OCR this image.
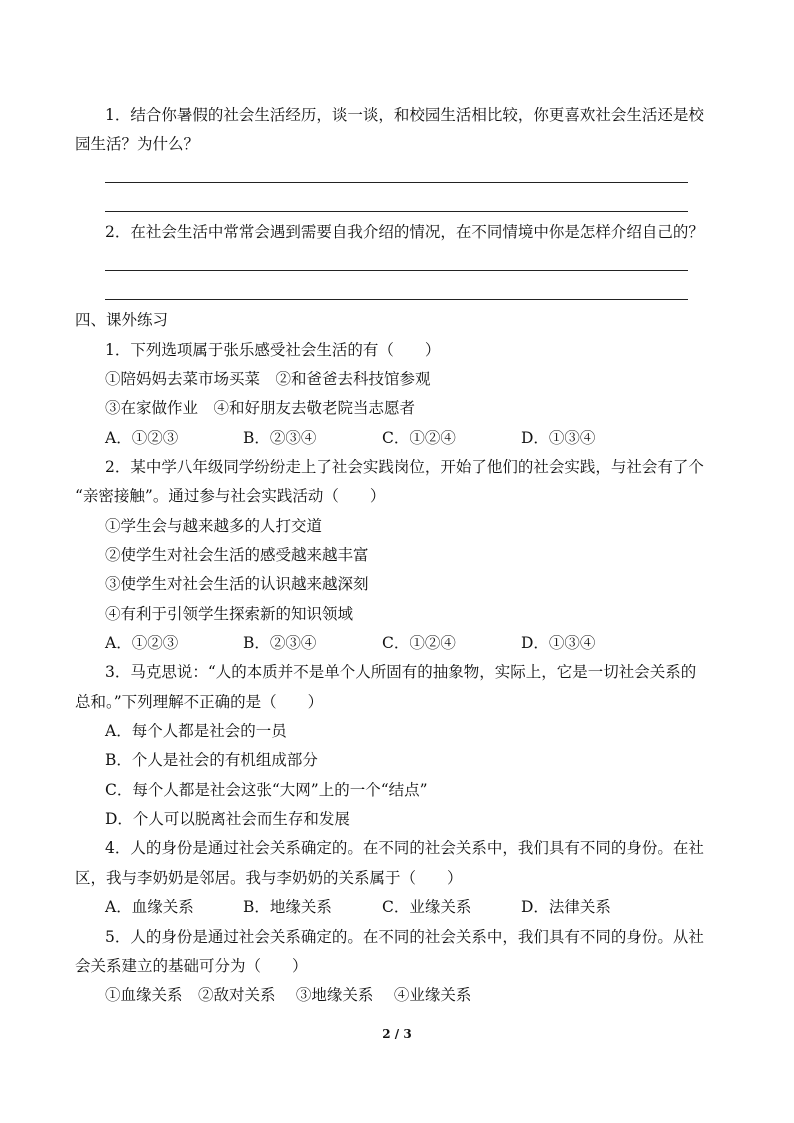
1．结合你暑假的社会生活经历，谈一谈，和校园生活相比较，你更喜欢社会生活还是校
园生活？为什么？
2．在社会生活中常常会遇到需要自我介绍的情况，在不同情境中你是怎样介绍自己的？
四、课外练习
1．下列选项属于张乐感受社会生活的有（　　）
①陪妈妈去菜市场买菜　②和爸爸去科技馆参观
③在家做作业　④和好朋友去敬老院当志愿者
A．①②③	B．②③④	C．①②④	D．①③④
2．某中学八年级同学纷纷走上了社会实践岗位，开始了他们的社会实践，与社会有了个
“亲密接触”。通过参与社会实践活动（　　）
①学生会与越来越多的人打交道
②使学生对社会生活的感受越来越丰富
③使学生对社会生活的认识越来越深刻
④有利于引领学生探索新的知识领域
A．①②③	B．②③④	C．①②④	D．①③④
3．马克思说：“人的本质并不是单个人所固有的抽象物，实际上，它是一切社会关系的
总和。”下列理解不正确的是（　　）
A．每个人都是社会的一员
B．个人是社会的有机组成部分
C．每个人都是社会这张“大网”上的一个“结点”
D．个人可以脱离社会而生存和发展
4．人的身份是通过社会关系确定的。在不同的社会关系中，我们具有不同的身份。在社
区，我与李奶奶是邻居。我与李奶奶的关系属于（　　）
A．血缘关系	B．地缘关系	C．业缘关系	D．法律关系
5．人的身份是通过社会关系确定的。在不同的社会关系中，我们具有不同的身份。从社
会关系建立的基础可分为（　　）
①血缘关系　②敌对关系　 ③地缘关系　 ④业缘关系
2 / 3
